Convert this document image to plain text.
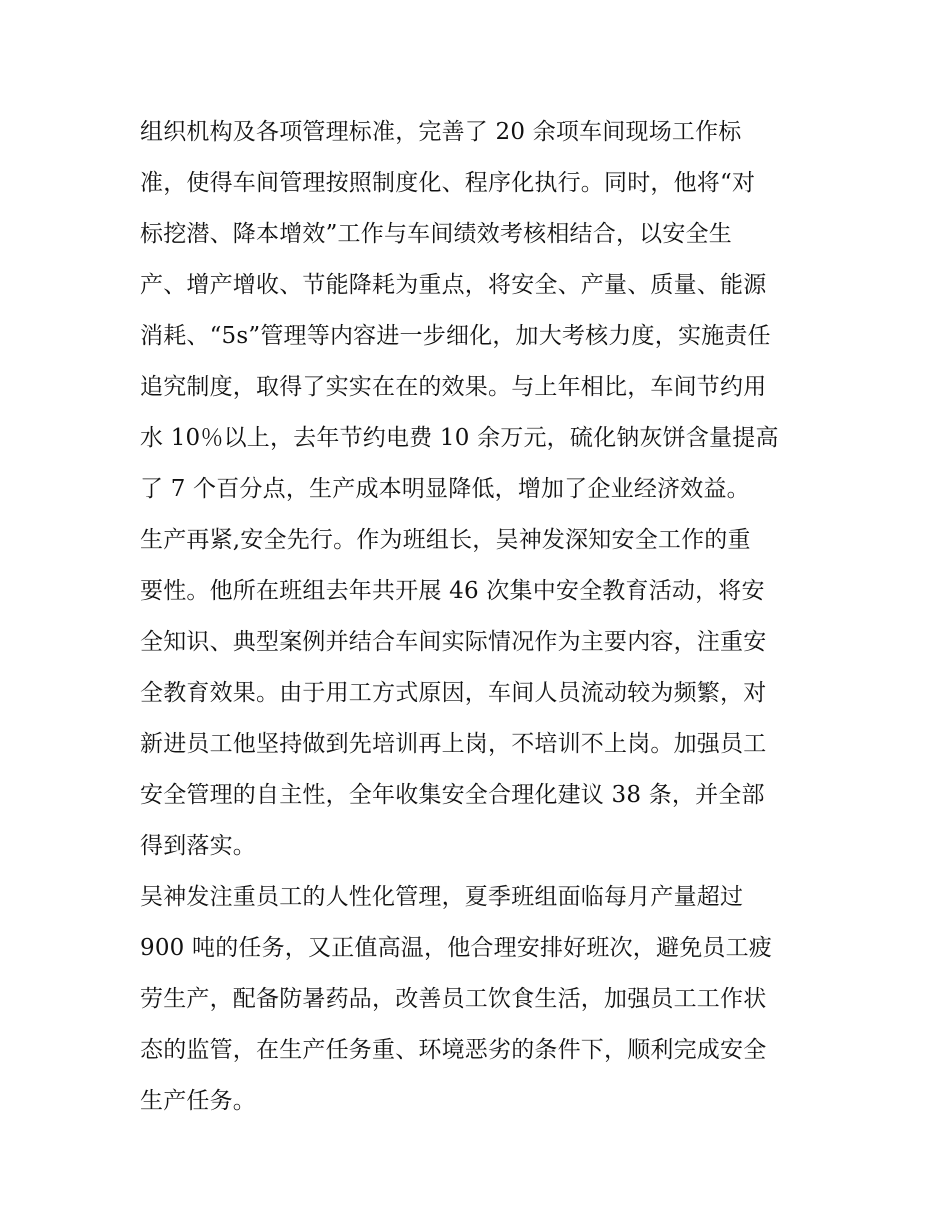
组织机构及各项管理标准，完善了 20 余项车间现场工作标
准，使得车间管理按照制度化、程序化执行。同时，他将“对
标挖潜、降本增效”工作与车间绩效考核相结合，以安全生
产、增产增收、节能降耗为重点，将安全、产量、质量、能源
消耗、“5s”管理等内容进一步细化，加大考核力度，实施责任
追究制度，取得了实实在在的效果。与上年相比，车间节约用
水 10％以上，去年节约电费 10 余万元，硫化钠灰饼含量提高
了 7 个百分点，生产成本明显降低，增加了企业经济效益。
生产再紧,安全先行。作为班组长，吴神发深知安全工作的重
要性。他所在班组去年共开展 46 次集中安全教育活动，将安
全知识、典型案例并结合车间实际情况作为主要内容，注重安
全教育效果。由于用工方式原因，车间人员流动较为频繁，对
新进员工他坚持做到先培训再上岗，不培训不上岗。加强员工
安全管理的自主性，全年收集安全合理化建议 38 条，并全部
得到落实。
吴神发注重员工的人性化管理，夏季班组面临每月产量超过
900 吨的任务，又正值高温，他合理安排好班次，避免员工疲
劳生产，配备防暑药品，改善员工饮食生活，加强员工工作状
态的监管，在生产任务重、环境恶劣的条件下，顺利完成安全
生产任务。
